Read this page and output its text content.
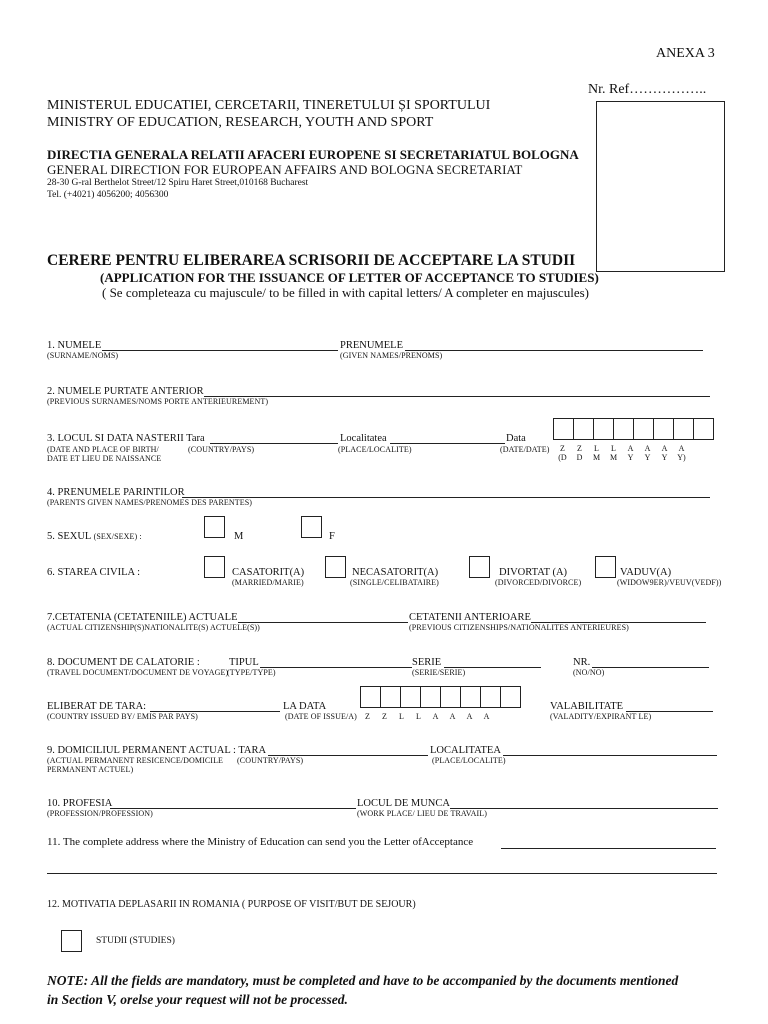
ANEXA 3
Nr. Ref……………..
MINISTERUL EDUCATIEI, CERCETARII, TINERETULUI ȘI SPORTULUI
MINISTRY OF EDUCATION, RESEARCH, YOUTH AND SPORT
DIRECTIA GENERALA RELATII AFACERI EUROPENE SI SECRETARIATUL BOLOGNA
GENERAL DIRECTION FOR EUROPEAN AFFAIRS AND BOLOGNA SECRETARIAT
28-30 G-ral Berthelot Street/12 Spiru Haret Street,010168 Bucharest
Tel. (+4021) 4056200; 4056300
CERERE PENTRU ELIBERAREA SCRISORII DE ACCEPTARE LA STUDII
(APPLICATION FOR THE ISSUANCE OF LETTER OF ACCEPTANCE TO STUDIES)
( Se completeaza cu majuscule/ to be filled in with capital letters/ A completer en majuscules)
1. NUMELE	PRENUMELE
(SURNAME/NOMS)	(GIVEN NAMES/PRENOMS)
2. NUMELE PURTATE ANTERIOR
(PREVIOUS SURNAMES/NOMS PORTE ANTERIEUREMENT)
3. LOCUL SI DATA NASTERII Tara	Localitatea	Data
(DATE AND PLACE OF BIRTH/
DATE ET LIEU DE NAISSANCE
(COUNTRY/PAYS)	(PLACE/LOCALITE)	(DATE/DATE)	Z	Z	L	L	A	A	A	A
(D	D	M	M	Y	Y	Y	Y)
4. PRENUMELE PARINTILOR
(PARENTS GIVEN NAMES/PRENOMES DES PARENTES)
5. SEXUL (SEX/SEXE) :	M	F
6. STAREA CIVILA :	CASATORIT(A)
(MARRIED/MARIE)
NECASATORIT(A)
(SINGLE/CELIBATAIRE)
DIVORTAT (A)
(DIVORCED/DIVORCE)
VADUV(A)
(WIDOW9ER)/VEUV(VEDF))
7.CETATENIA (CETATENIILE) ACTUALE	CETATENII ANTERIOARE
(ACTUAL CITIZENSHIP(S)NATIONALITE(S) ACTUELE(S))	(PREVIOUS CITIZENSHIPS/NATIONALITES ANTERIEURES)
8. DOCUMENT DE CALATORIE :	TIPUL	SERIE	NR.
(TRAVEL DOCUMENT/DOCUMENT DE VOYAGE)
(TYPE/TYPE)	(SERIE/SERIE)	(NO/NO)
ELIBERAT DE TARA:	LA DATA	VALABILITATE
(COUNTRY ISSUED BY/ EMIS PAR PAYS)	(DATE OF ISSUE/A)	Z	Z	L	L	A	A	A	A	(VALADITY/EXPIRANT LE)
9. DOMICILIUL PERMANENT ACTUAL : TARA	LOCALITATEA
(ACTUAL PERMANENT RESICENCE/DOMICILE
PERMANENT ACTUEL)
(COUNTRY/PAYS)	(PLACE/LOCALITE)
10. PROFESIA	LOCUL DE MUNCA
(PROFESSION/PROFESSION)	(WORK PLACE/ LIEU DE TRAVAIL)
11. The complete address where the Ministry of Education can send you the Letter ofAcceptance
12. MOTIVATIA DEPLASARII IN ROMANIA ( PURPOSE OF VISIT/BUT DE SEJOUR)
STUDII (STUDIES)
NOTE: All the fields are mandatory, must be completed and have to be accompanied by the documents mentioned
in Section V, orelse your request will not be processed.
